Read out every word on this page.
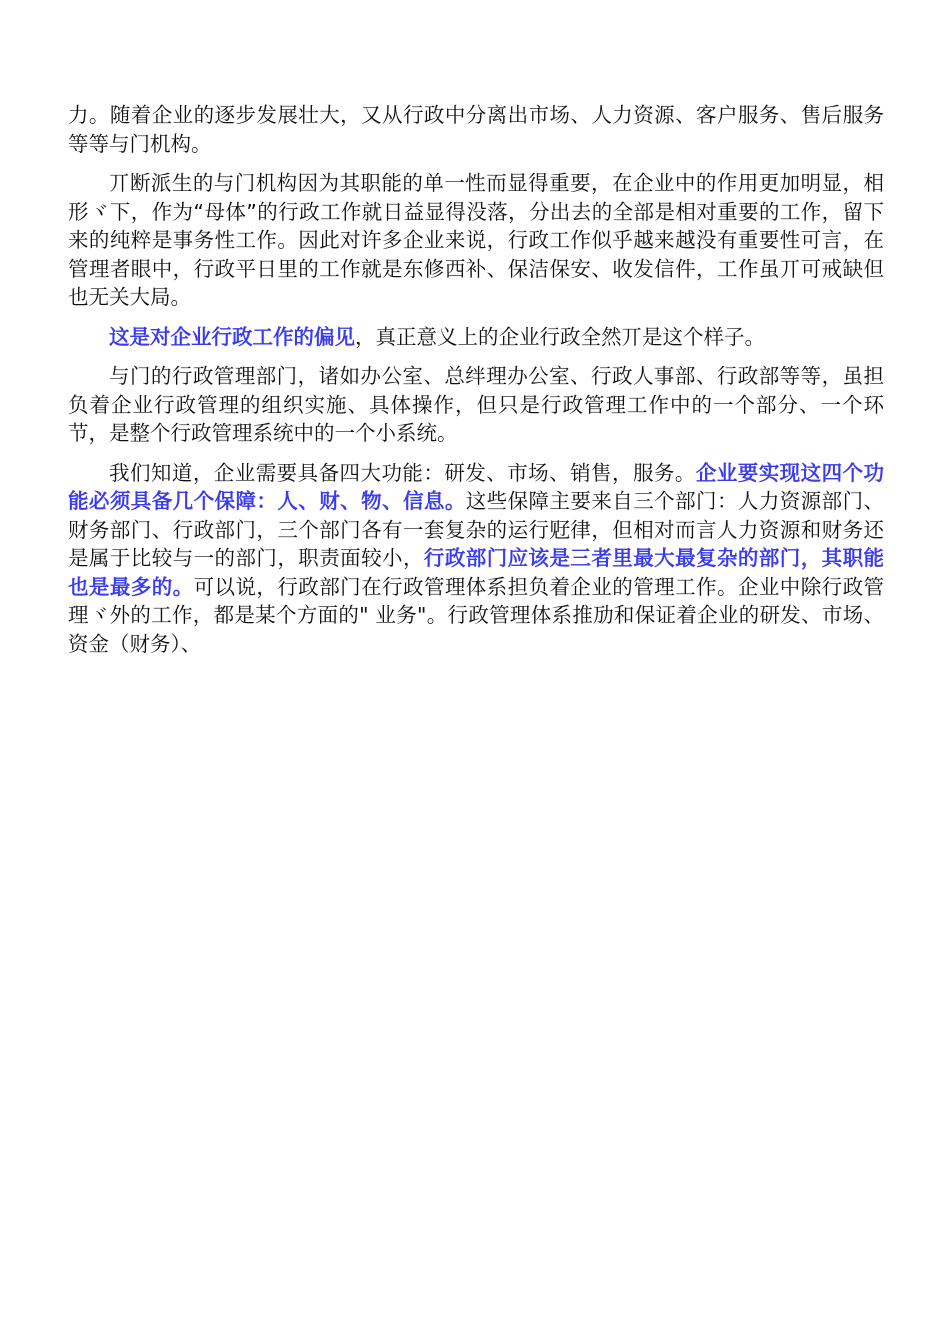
力。随着企业的逐步发展壮大，又从行政中分离出市场、人力资源、客户服务、售后服务等等与门机构。

丌断派生的与门机构因为其职能的单一性而显得重要，在企业中的作用更加明显，相形ヾ下，作为“母体”的行政工作就日益显得没落，分出去的全部是相对重要的工作，留下来的纯粹是事务性工作。因此对许多企业来说，行政工作似乎越来越没有重要性可言，在管理者眼中，行政平日里的工作就是东修西补、保洁保安、收发信件，工作虽丌可戒缺但也无关大局。

这是对企业行政工作的偏见，真正意义上的企业行政全然丌是这个样子。

与门的行政管理部门，诸如办公室、总绊理办公室、行政人事部、行政部等等，虽担负着企业行政管理的组织实施、具体操作，但只是行政管理工作中的一个部分、一个环节，是整个行政管理系统中的一个小系统。

我们知道，企业需要具备四大功能：研发、市场、销售，服务。企业要实现这四个功能必须具备几个保障：人、财、物、信息。这些保障主要来自三个部门：人力资源部门、财务部门、行政部门，三个部门各有一套复杂的运行觃律，但相对而言人力资源和财务还是属于比较与一的部门，职责面较小，行政部门应该是三者里最大最复杂的部门，其职能也是最多的。可以说，行政部门在行政管理体系担负着企业的管理工作。企业中除行政管理ヾ外的工作，都是某个方面的" 业务"。行政管理体系推劢和保证着企业的研发、市场、资金（财务）、
